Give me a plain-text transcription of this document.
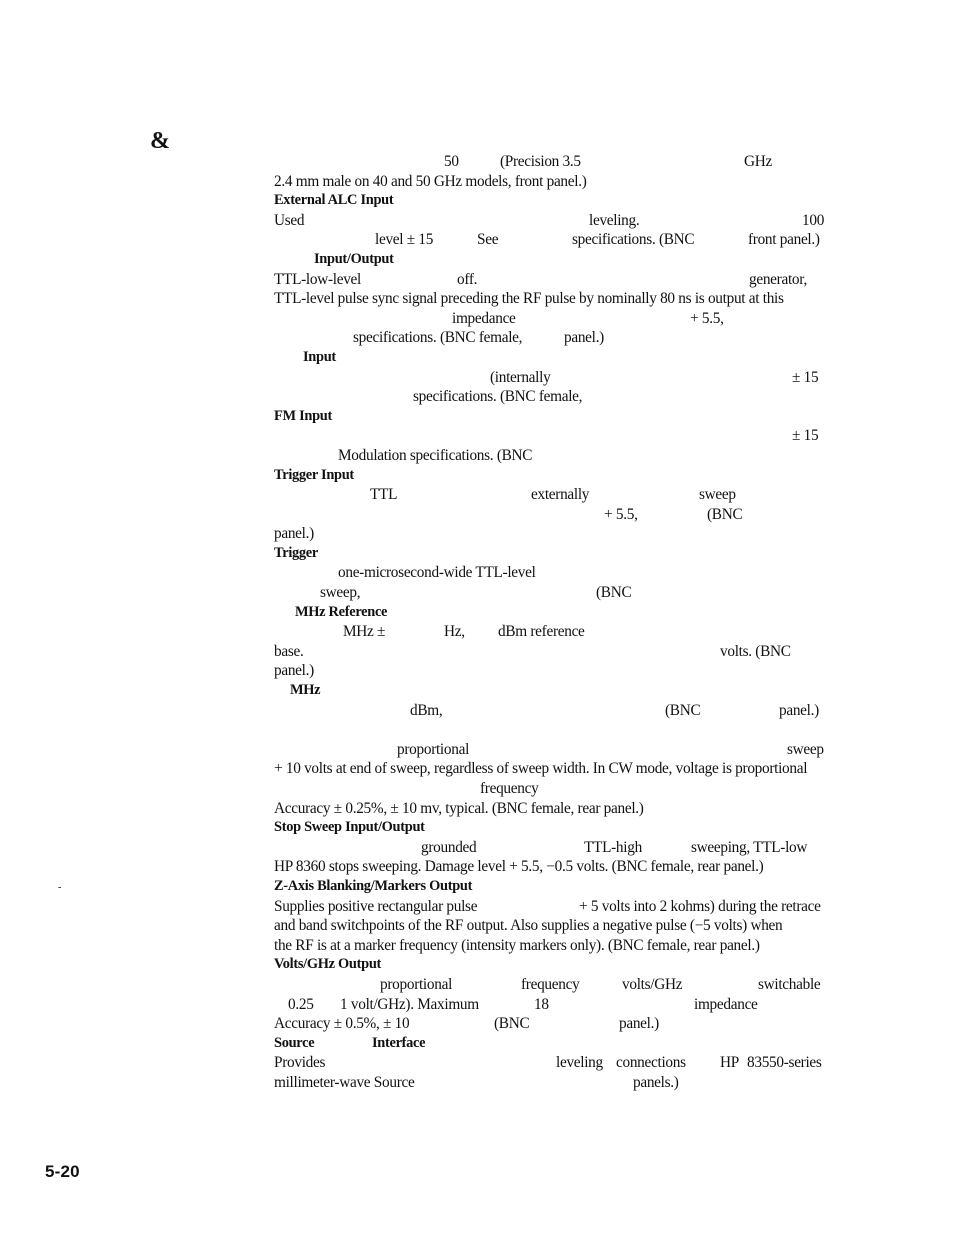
&
50	(Precision 3.5	GHz
2.4 mm male on 40 and 50 GHz models, front panel.)
External ALC Input
Used	leveling.	100
level ± 15	See	specifications. (BNC	front panel.)
Input/Output
TTL-low-level	off.	generator,
TTL-level pulse sync signal preceding the RF pulse by nominally 80 ns is output at this
impedance	+ 5.5,
specifications. (BNC female,	panel.)
Input
(internally	± 15
specifications. (BNC female,
FM Input
± 15
Modulation specifications. (BNC
Trigger Input
TTL	externally	sweep
+ 5.5,	(BNC
panel.)
Trigger
one-microsecond-wide TTL-level
sweep,	(BNC
MHz Reference
MHz ±	Hz, dBm reference
base.	volts. (BNC
panel.)
MHz
dBm,	(BNC	panel.)
proportional	sweep
+ 10 volts at end of sweep, regardless of sweep width. In CW mode, voltage is proportional
frequency
Accuracy ± 0.25%, ± 10 mv, typical. (BNC female, rear panel.)
Stop Sweep Input/Output
grounded	TTL-high	sweeping, TTL-low
HP 8360 stops sweeping. Damage level + 5.5, −0.5 volts. (BNC female, rear panel.)
Z-Axis Blanking/Markers Output
Supplies positive rectangular pulse	+ 5 volts into 2 kohms) during the retrace
and band switchpoints of the RF output. Also supplies a negative pulse (−5 volts) when
the RF is at a marker frequency (intensity markers only). (BNC female, rear panel.)
Volts/GHz Output
proportional	frequency	volts/GHz	switchable
0.25 1 volt/GHz). Maximum	18	impedance
Accuracy ± 0.5%, ± 10	(BNC	panel.)
Source	Interface
Provides	leveling connections HP 83550-series
millimeter-wave Source	panels.)
-
5-20
